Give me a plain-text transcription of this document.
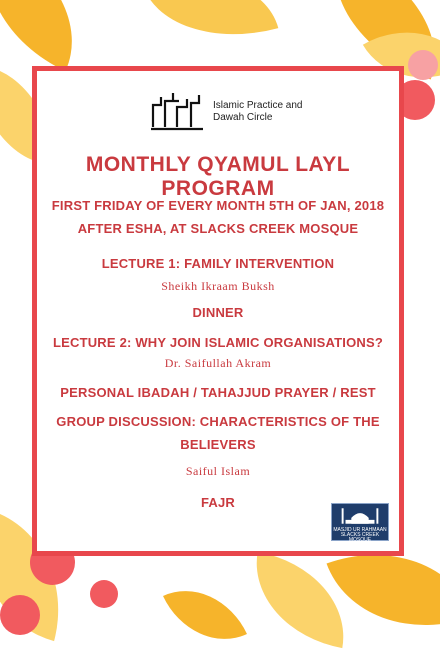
Islamic Practice and
Dawah Circle
MONTHLY QYAMUL LAYL PROGRAM
FIRST FRIDAY OF EVERY MONTH 5TH OF JAN, 2018
AFTER ESHA, AT SLACKS CREEK MOSQUE
LECTURE 1: FAMILY INTERVENTION
Sheikh Ikraam Buksh
DINNER
LECTURE 2: WHY JOIN ISLAMIC ORGANISATIONS?
Dr. Saifullah Akram
PERSONAL IBADAH / TAHAJJUD PRAYER / REST
GROUP DISCUSSION: CHARACTERISTICS OF THE
BELIEVERS
Saiful Islam
FAJR
MASJID UR RAHMAAN
SLACKS CREEK MOSQUE
